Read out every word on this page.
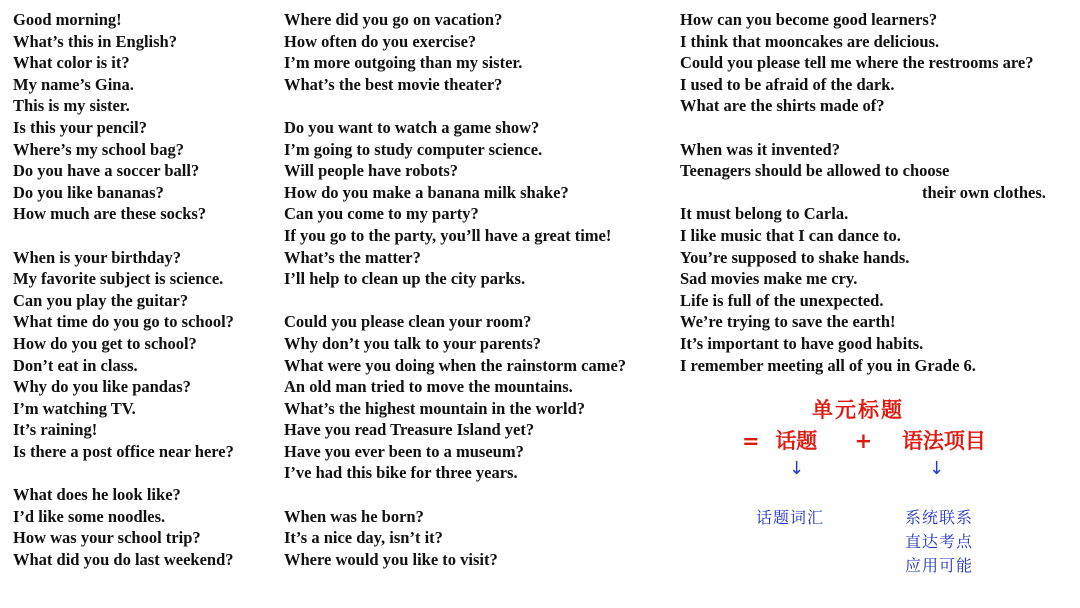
Good morning!
What’s this in English?
What color is it?
My name’s Gina.
This is my sister.
Is this your pencil?
Where’s my school bag?
Do you have a soccer ball?
Do you like bananas?
How much are these socks?
When is your birthday?
My favorite subject is science.
Can you play the guitar?
What time do you go to school?
How do you get to school?
Don’t eat in class.
Why do you like pandas?
I’m watching TV.
It’s raining!
Is there a post office near here?
What does he look like?
I’d like some noodles.
How was your school trip?
What did you do last weekend?
Where did you go on vacation?
How often do you exercise?
I’m more outgoing than my sister.
What’s the best movie theater?
Do you want to watch a game show?
I’m going to study computer science.
Will people have robots?
How do you make a banana milk shake?
Can you come to my party?
If you go to the party, you’ll have a great time!
What’s the matter?
I’ll help to clean up the city parks.
Could you please clean your room?
Why don’t you talk to your parents?
What were you doing when the rainstorm came?
An old man tried to move the mountains.
What’s the highest mountain in the world?
Have you read Treasure Island yet?
Have you ever been to a museum?
I’ve had this bike for three years.
When was he born?
It’s a nice day, isn’t it?
Where would you like to visit?
How can you become good learners?
I think that mooncakes are delicious.
Could you please tell me where the restrooms are?
I used to be afraid of the dark.
What are the shirts made of?
When was it invented?
Teenagers should be allowed to choose
their own clothes.
It must belong to Carla.
I like music that I can dance to.
You’re supposed to shake hands.
Sad movies make me cry.
Life is full of the unexpected.
We’re trying to save the earth!
It’s important to have good habits.
I remember meeting all of you in Grade 6.
单元标题
= 话题 + 语法项目
↓	↓
话题词汇	系统联系
直达考点
应用可能
